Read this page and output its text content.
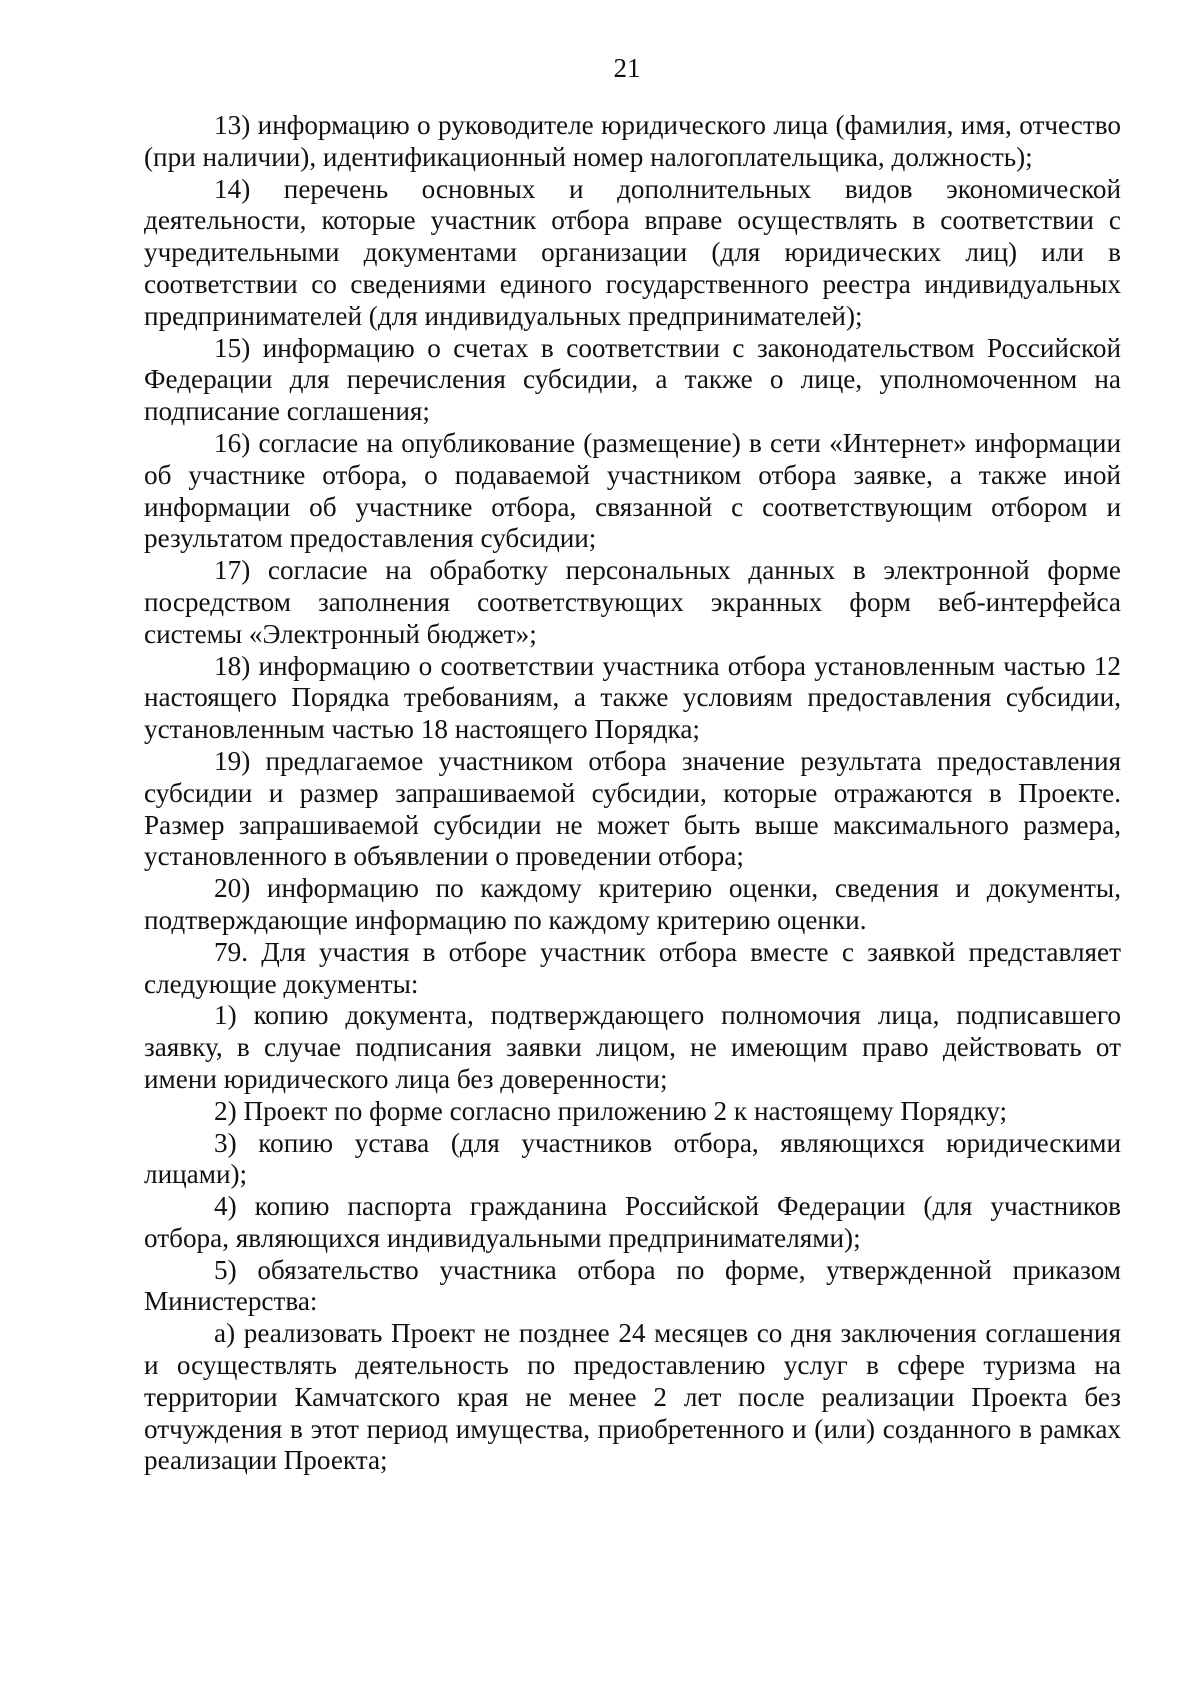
21

13) информацию о руководителе юридического лица (фамилия, имя, отчество (при наличии), идентификационный номер налогоплательщика, должность);

14) перечень основных и дополнительных видов экономической деятельности, которые участник отбора вправе осуществлять в соответствии с учредительными документами организации (для юридических лиц) или в соответствии со сведениями единого государственного реестра индивидуальных предпринимателей (для индивидуальных предпринимателей);

15) информацию о счетах в соответствии с законодательством Российской Федерации для перечисления субсидии, а также о лице, уполномоченном на подписание соглашения;

16) согласие на опубликование (размещение) в сети «Интернет» информации об участнике отбора, о подаваемой участником отбора заявке, а также иной информации об участнике отбора, связанной с соответствующим отбором и результатом предоставления субсидии;

17) согласие на обработку персональных данных в электронной форме посредством заполнения соответствующих экранных форм веб-интерфейса системы «Электронный бюджет»;

18) информацию о соответствии участника отбора установленным частью 12 настоящего Порядка требованиям, а также условиям предоставления субсидии, установленным частью 18 настоящего Порядка;

19) предлагаемое участником отбора значение результата предоставления субсидии и размер запрашиваемой субсидии, которые отражаются в Проекте. Размер запрашиваемой субсидии не может быть выше максимального размера, установленного в объявлении о проведении отбора;

20) информацию по каждому критерию оценки, сведения и документы, подтверждающие информацию по каждому критерию оценки.

79. Для участия в отборе участник отбора вместе с заявкой представляет следующие документы:

1) копию документа, подтверждающего полномочия лица, подписавшего заявку, в случае подписания заявки лицом, не имеющим право действовать от имени юридического лица без доверенности;

2) Проект по форме согласно приложению 2 к настоящему Порядку;

3) копию устава (для участников отбора, являющихся юридическими лицами);

4) копию паспорта гражданина Российской Федерации (для участников отбора, являющихся индивидуальными предпринимателями);

5) обязательство участника отбора по форме, утвержденной приказом Министерства:

а) реализовать Проект не позднее 24 месяцев со дня заключения соглашения и осуществлять деятельность по предоставлению услуг в сфере туризма на территории Камчатского края не менее 2 лет после реализации Проекта без отчуждения в этот период имущества, приобретенного и (или) созданного в рамках реализации Проекта;
